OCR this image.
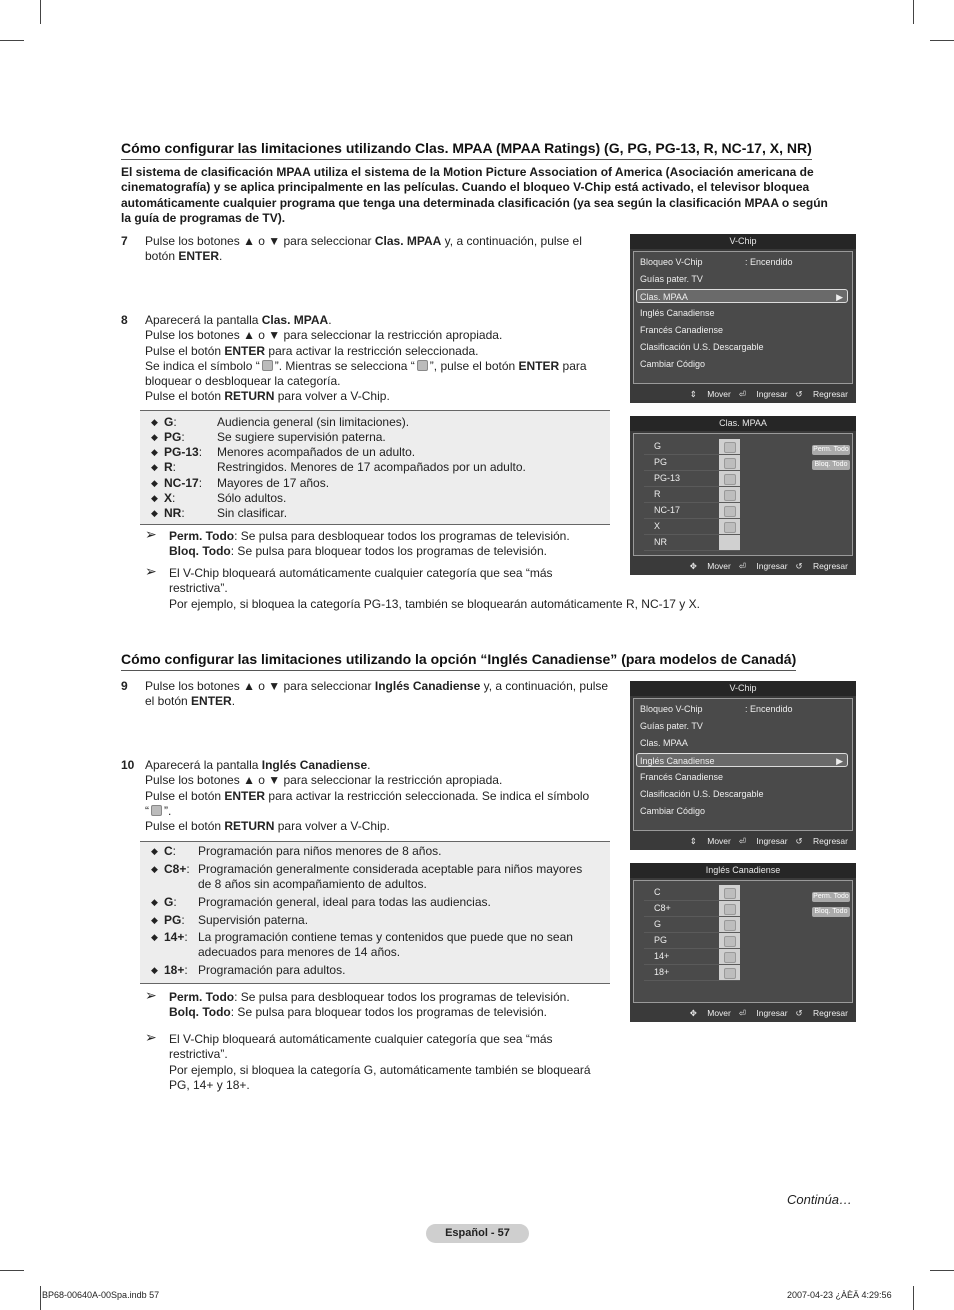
Cómo configurar las limitaciones utilizando Clas. MPAA (MPAA Ratings) (G, PG, PG-13, R, NC-17, X, NR)
El sistema de clasificación MPAA utiliza el sistema de la Motion Picture Association of America (Asociación americana de
cinematografía) y se aplica principalmente en las películas. Cuando el bloqueo V-Chip está activado, el televisor bloquea
automáticamente cualquier programa que tenga una determinada clasificación (ya sea según la clasificación MPAA o según
la guía de programas de TV).
7 Pulse los botones ▲ o ▼ para seleccionar Clas. MPAA y, a continuación, pulse el
botón ENTER.
8 Aparecerá la pantalla Clas. MPAA.
Pulse los botones ▲ o ▼ para seleccionar la restricción apropiada.
Pulse el botón ENTER para activar la restricción seleccionada.
Se indica el símbolo “ ”. Mientras se selecciona “ ”, pulse el botón ENTER para
bloquear o desbloquear la categoría.
Pulse el botón RETURN para volver a V-Chip.
◆ G:	Audiencia general (sin limitaciones).
◆ PG:	Se sugiere supervisión paterna.
◆ PG-13: Menores acompañados de un adulto.
◆ R:	Restringidos. Menores de 17 acompañados por un adulto.
◆ NC-17: Mayores de 17 años.
◆ X:	Sólo adultos.
◆ NR:	Sin clasificar.
➢ Perm. Todo: Se pulsa para desbloquear todos los programas de televisión.
Bloq. Todo: Se pulsa para bloquear todos los programas de televisión.
➢ El V-Chip bloqueará automáticamente cualquier categoría que sea “más
restrictiva”.
Por ejemplo, si bloquea la categoría PG-13, también se bloquearán automáticamente R, NC-17 y X.
V-Chip
Bloqueo V-Chip	: Encendido
Guías pater. TV
Clas. MPAA	▶
Inglés Canadiense
Francés Canadiense
Clasificación U.S. Descargable
Cambiar Código
⇕ Mover ⏎ Ingresar ↺ Regresar
Clas. MPAA
G
PG
PG-13
R
NC-17
X
NR
Perm. Todo
Bloq. Todo
✥ Mover ⏎ Ingresar ↺ Regresar
Cómo configurar las limitaciones utilizando la opción “Inglés Canadiense” (para modelos de Canadá)
9 Pulse los botones ▲ o ▼ para seleccionar Inglés Canadiense y, a continuación, pulse
el botón ENTER.
10 Aparecerá la pantalla Inglés Canadiense.
Pulse los botones ▲ o ▼ para seleccionar la restricción apropiada.
Pulse el botón ENTER para activar la restricción seleccionada. Se indica el símbolo
“ ”.
Pulse el botón RETURN para volver a V-Chip.
◆ C: Programación para niños menores de 8 años.
◆ C8+: Programación generalmente considerada aceptable para niños mayores
de 8 años sin acompañamiento de adultos.
◆ G: Programación general, ideal para todas las audiencias.
◆ PG: Supervisión paterna.
◆ 14+: La programación contiene temas y contenidos que puede que no sean
adecuados para menores de 14 años.
◆ 18+: Programación para adultos.
➢ Perm. Todo: Se pulsa para desbloquear todos los programas de televisión.
Bolq. Todo: Se pulsa para bloquear todos los programas de televisión.
➢ El V-Chip bloqueará automáticamente cualquier categoría que sea “más
restrictiva”.
Por ejemplo, si bloquea la categoría G, automáticamente también se bloqueará
PG, 14+ y 18+.
V-Chip
Bloqueo V-Chip	: Encendido
Guías pater. TV
Clas. MPAA
Inglés Canadiense	▶
Francés Canadiense
Clasificación U.S. Descargable
Cambiar Código
⇕ Mover ⏎ Ingresar ↺ Regresar
Inglés Canadiense
C
C8+
G
PG
14+
18+
Perm. Todo
Bloq. Todo
✥ Mover ⏎ Ingresar ↺ Regresar
Continúa…
Español - 57
BP68-00640A-00Spa.indb 57	2007-04-23 ¿ÀÈÄ 4:29:56
